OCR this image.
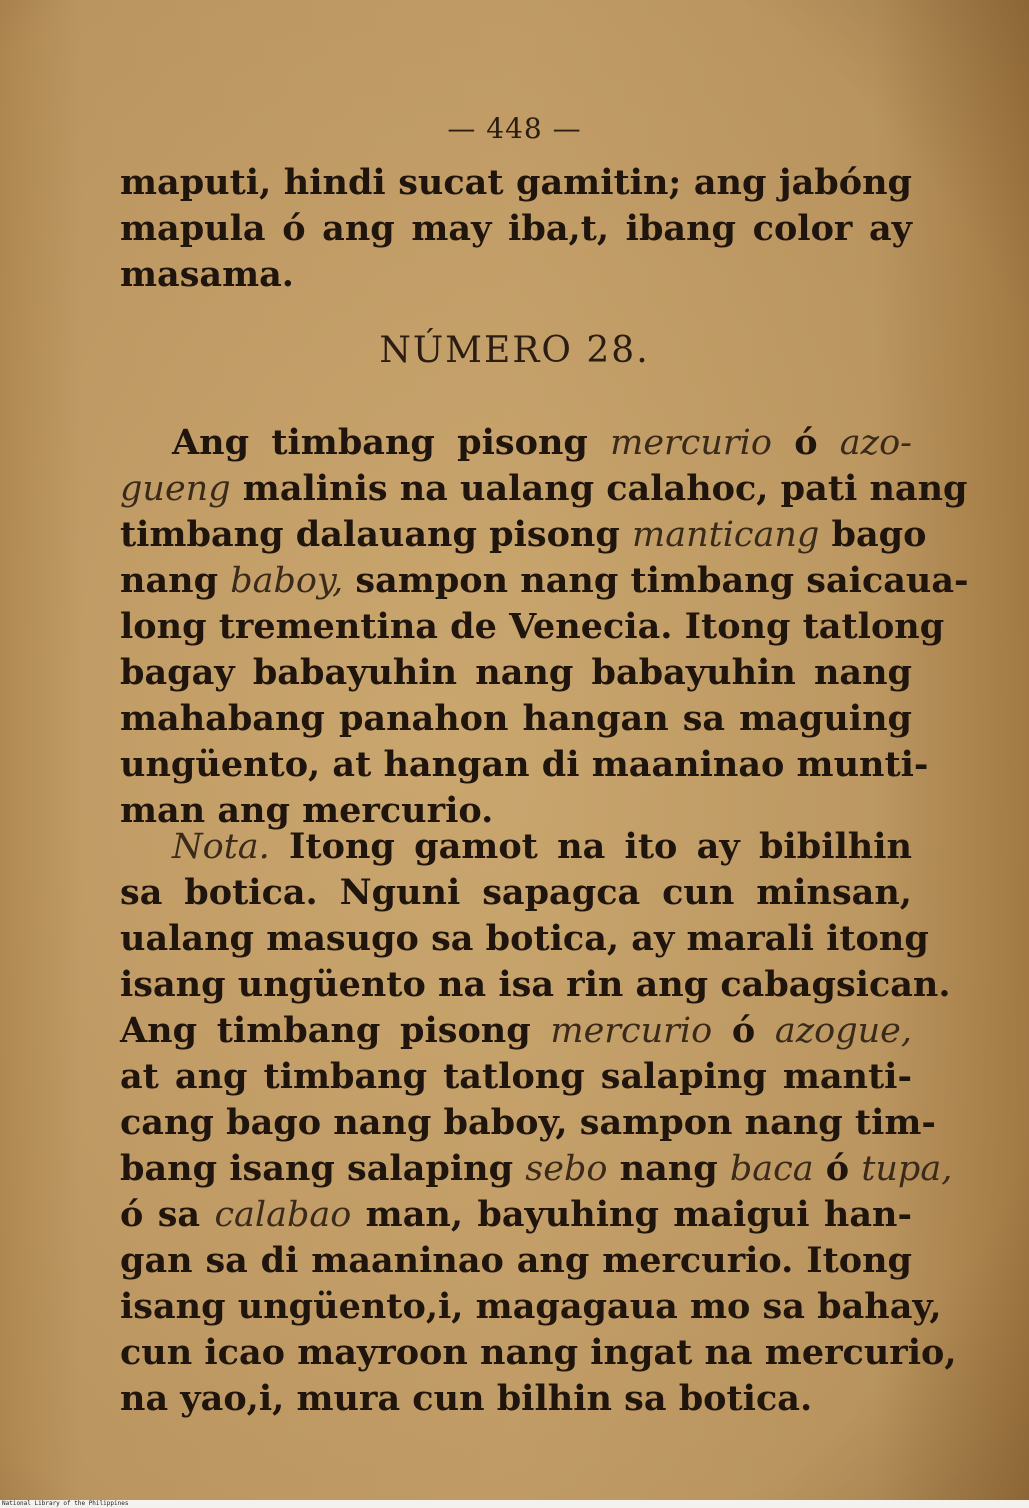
— 448 —
maputi, hindi sucat gamitin; ang jabóng
mapula ó ang may iba,t, ibang color ay
masama.
NÚMERO 28.
Ang timbang pisong mercurio ó azo-
gueng malinis na ualang calahoc, pati nang
timbang dalauang pisong manticang bago
nang baboy, sampon nang timbang saicaua-
long trementina de Venecia. Itong tatlong
bagay babayuhin nang babayuhin nang
mahabang panahon hangan sa maguing
ungüento, at hangan di maaninao munti-
man ang mercurio.
Nota. Itong gamot na ito ay bibilhin
sa botica. Nguni sapagca cun minsan,
ualang masugo sa botica, ay marali itong
isang ungüento na isa rin ang cabagsican.
Ang timbang pisong mercurio ó azogue,
at ang timbang tatlong salaping manti-
cang bago nang baboy, sampon nang tim-
bang isang salaping sebo nang baca ó tupa,
ó sa calabao man, bayuhing maigui han-
gan sa di maaninao ang mercurio. Itong
isang ungüento,i, magagaua mo sa bahay,
cun icao mayroon nang ingat na mercurio,
na yao,i, mura cun bilhin sa botica.
National Library of the Philippines
